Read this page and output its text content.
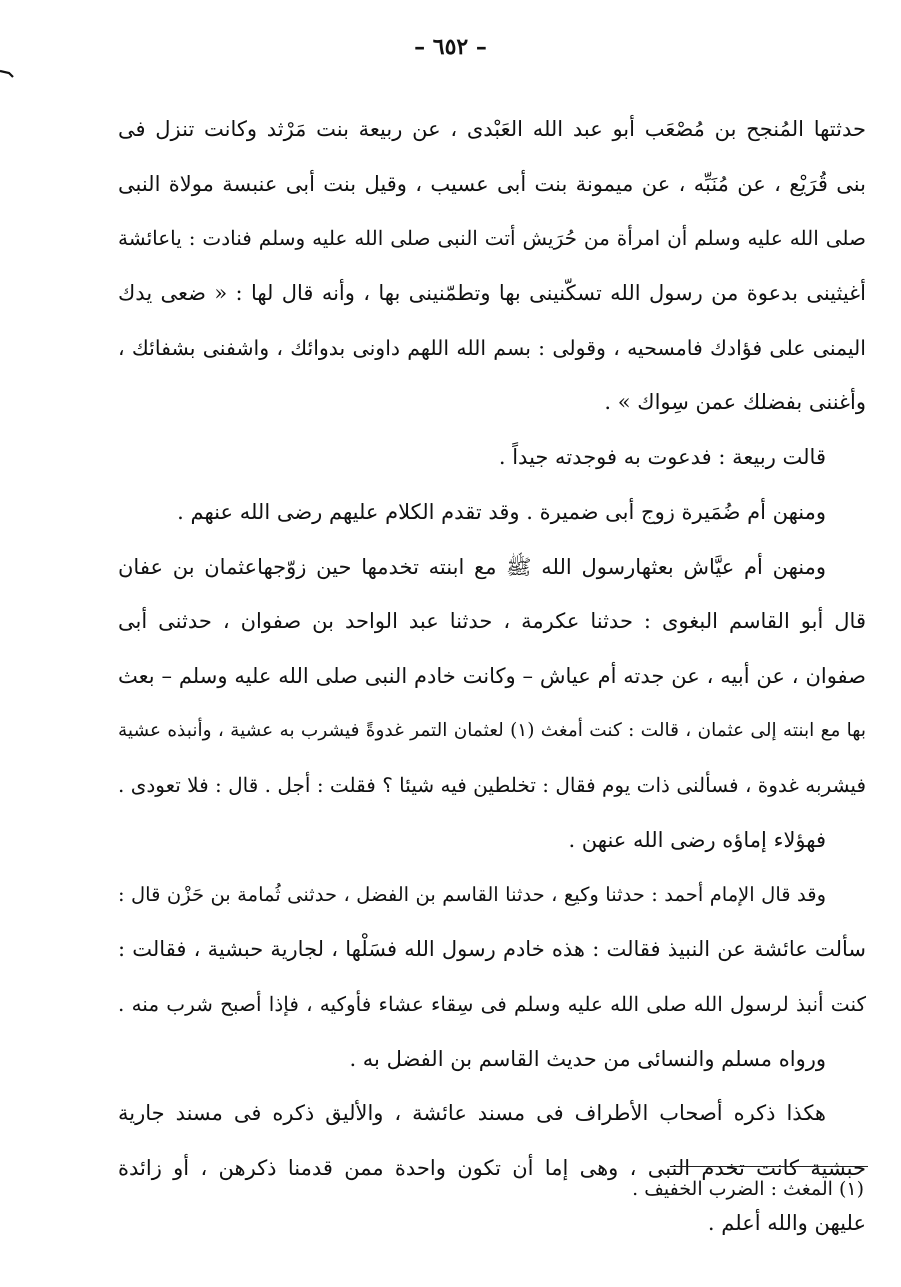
– ٦٥٢ –
حدثتها المُنجح بن مُصْعَب أبو عبد الله العَبْدى ، عن ربيعة بنت مَرْثد وكانت تنزل فى
بنى قُرَيْع ، عن مُنَبِّه ، عن ميمونة بنت أبى عسيب ، وقيل بنت أبى عنبسة مولاة النبى
صلى الله عليه وسلم أن امرأة من حُرَيش أتت النبى صلى الله عليه وسلم فنادت : ياعائشة
أغيثينى بدعوة من رسول الله تسكّنينى بها وتطمّنينى بها ، وأنه قال لها : « ضعى يدك
اليمنى على فؤادك فامسحيه ، وقولى : بسم الله اللهم داونى بدوائك ، واشفنى بشفائك ،
وأغننى بفضلك عمن سِواك » .
قالت ربيعة : فدعوت به فوجدته جيداً .
ومنهن أم ضُمَيرة زوج أبى ضميرة . وقد تقدم الكلام عليهم رضى الله عنهم .
ومنهن أم عيَّاش بعثهارسول الله ﷺ مع ابنته تخدمها حين زوّجهاعثمان بن عفان
قال أبو القاسم البغوى : حدثنا عكرمة ، حدثنا عبد الواحد بن صفوان ، حدثنى أبى
صفوان ، عن أبيه ، عن جدته أم عياش – وكانت خادم النبى صلى الله عليه وسلم – بعث
بها مع ابنته إلى عثمان ، قالت : كنت أمغث (١) لعثمان التمر غدوةً فيشرب به عشية ، وأنبذه عشية
فيشربه غدوة ، فسألنى ذات يوم فقال : تخلطين فيه شيئا ؟ فقلت : أجل . قال : فلا تعودى .
فهؤلاء إماؤه رضى الله عنهن .
وقد قال الإمام أحمد : حدثنا وكيع ، حدثنا القاسم بن الفضل ، حدثنى ثُمامة بن حَزْن قال :
سألت عائشة عن النبيذ فقالت : هذه خادم رسول الله فسَلْها ، لجارية حبشية ، فقالت :
كنت أنبذ لرسول الله صلى الله عليه وسلم فى سِقاء عشاء فأوكيه ، فإذا أصبح شرب منه .
ورواه مسلم والنسائى من حديث القاسم بن الفضل به .
هكذا ذكره أصحاب الأطراف فى مسند عائشة ، والأليق ذكره فى مسند جارية
حبشية كانت تخدم النبى ، وهى إما أن تكون واحدة ممن قدمنا ذكرهن ، أو زائدة
عليهن والله أعلم .
(١) المغث : الضرب الخفيف .
